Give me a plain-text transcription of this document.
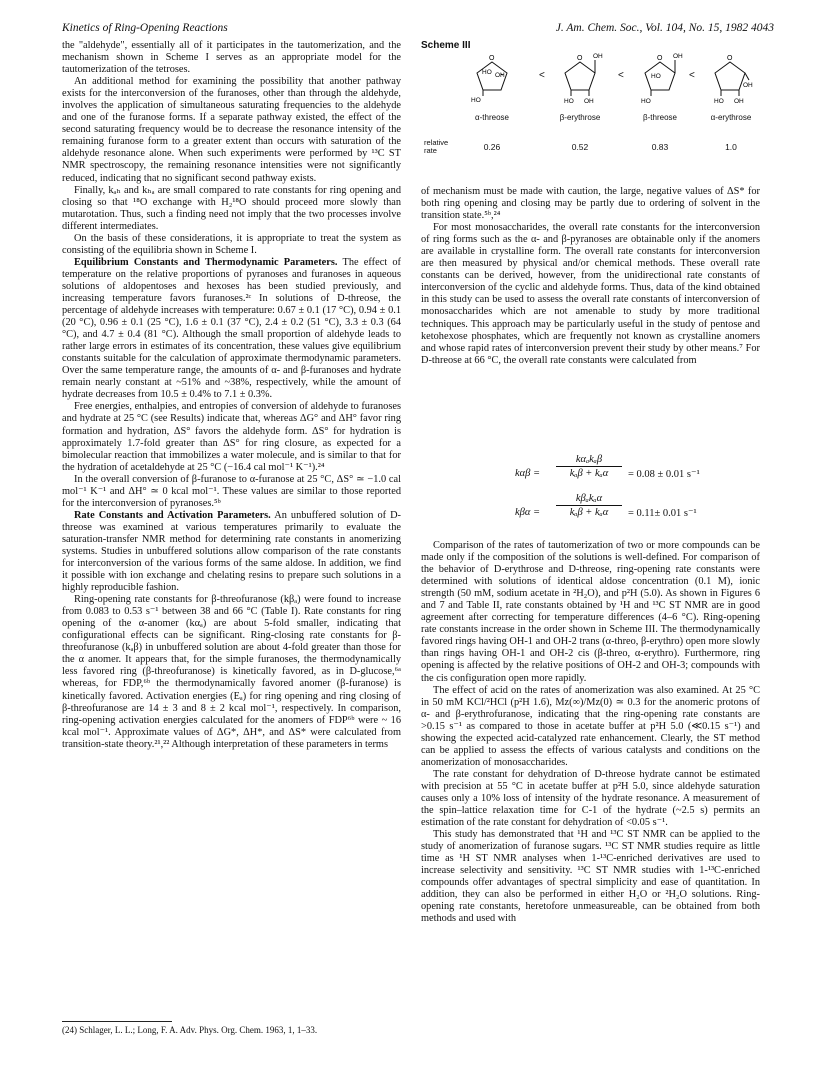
Kinetics of Ring-Opening Reactions	J. Am. Chem. Soc., Vol. 104, No. 15, 1982 4043

the "aldehyde", essentially all of it participates in the tautomerization, and the mechanism shown in Scheme I serves as an appropriate model for the tautomerization of the tetroses.

An additional method for examining the possibility that another pathway exists for the interconversion of the furanoses, other than through the aldehyde, involves the application of simultaneous saturating frequencies to the aldehyde and one of the furanose forms. If a separate pathway existed, the effect of the second saturating frequency would be to decrease the resonance intensity of the remaining furanose form to a greater extent than occurs with saturation of the aldehyde resonance alone. When such experiments were performed by ¹³C ST NMR spectroscopy, the remaining resonance intensities were not significantly reduced, indicating that no significant second pathway exists.

Finally, kₐₕ and kₕₐ are small compared to rate constants for ring opening and closing so that ¹⁸O exchange with H₂¹⁸O should proceed more slowly than mutarotation. Thus, such a finding need not imply that the two processes involve different intermediates.

On the basis of these considerations, it is appropriate to treat the system as consisting of the equilibria shown in Scheme I.

Equilibrium Constants and Thermodynamic Parameters. The effect of temperature on the relative proportions of pyranoses and furanoses in aqueous solutions of aldopentoses and hexoses has been studied previously, and increasing temperature favors furanoses.²ᶜ In solutions of D-threose, the percentage of aldehyde increases with temperature: 0.67 ± 0.1 (17 °C), 0.94 ± 0.1 (20 °C), 0.96 ± 0.1 (25 °C), 1.6 ± 0.1 (37 °C), 2.4 ± 0.2 (51 °C), 3.3 ± 0.3 (64 °C), and 4.7 ± 0.4 (81 °C). Although the small proportion of aldehyde leads to rather large errors in estimates of its concentration, these values give equilibrium constants suitable for the calculation of approximate thermodynamic parameters. Over the same temperature range, the amounts of α- and β-furanoses and hydrate remain nearly constant at ~51% and ~38%, respectively, while the amount of hydrate decreases from 10.5 ± 0.4% to 7.1 ± 0.3%.

Free energies, enthalpies, and entropies of conversion of aldehyde to furanoses and hydrate at 25 °C (see Results) indicate that, whereas ΔG° and ΔH° favor ring formation and hydration, ΔS° favors the aldehyde form. ΔS° for hydration is approximately 1.7-fold greater than ΔS° for ring closure, as expected for a bimolecular reaction that immobilizes a water molecule, and is similar to that for the hydration of acetaldehyde at 25 °C (−16.4 cal mol⁻¹ K⁻¹).²⁴

In the overall conversion of β-furanose to α-furanose at 25 °C, ΔS° ≃ −1.0 cal mol⁻¹ K⁻¹ and ΔH° ≃ 0 kcal mol⁻¹. These values are similar to those reported for the interconversion of pyranoses.⁵ᵇ

Rate Constants and Activation Parameters. An unbuffered solution of D-threose was examined at various temperatures primarily to evaluate the saturation-transfer NMR method for determining rate constants in anomerizing systems. Studies in unbuffered solutions allow comparison of the rate constants for interconversion of the various forms of the same aldose. In addition, we find it possible with ion exchange and chelating resins to prepare such solutions in a highly reproducible fashion.

Ring-opening rate constants for β-threofuranose (kβₐ) were found to increase from 0.083 to 0.53 s⁻¹ between 38 and 66 °C (Table I). Rate constants for ring opening of the α-anomer (kαₐ) are about 5-fold smaller, indicating that configurational effects can be significant. Ring-closing rate constants for β-threofuranose (kₐβ) in unbuffered solution are about 4-fold greater than those for the α anomer. It appears that, for the simple furanoses, the thermodynamically less favored ring (β-threofuranose) is kinetically favored, as in D-glucose,⁶ᵃ whereas, for FDP,⁶ᵇ the thermodynamically favored anomer (β-furanose) is kinetically favored. Activation energies (Eₐ) for ring opening and ring closing of β-threofuranose are 14 ± 3 and 8 ± 2 kcal mol⁻¹, respectively. In comparison, ring-opening activation energies calculated for the anomers of FDP⁶ᵇ were ~ 16 kcal mol⁻¹. Approximate values of ΔG*, ΔH*, and ΔS* were calculated from transition-state theory.²¹,²² Although interpretation of these parameters in terms

(24) Schlager, L. L.; Long, F. A. Adv. Phys. Org. Chem. 1963, 1, 1–33.
Scheme III
O
OH
HO
HO
<
O OH
HO OH
<
O OH
HO
HO
<
O
OH
HO OH
α-threose	β-erythrose	β-threose	α-erythrose
relative rate	0.26	0.52	0.83	1.0

of mechanism must be made with caution, the large, negative values of ΔS* for both ring opening and closing may be partly due to ordering of solvent in the transition state.⁵ᵇ,²⁴

For most monosaccharides, the overall rate constants for the interconversion of ring forms such as the α- and β-pyranoses are obtainable only if the anomers are available in crystalline form. The overall rate constants for interconversion are then measured by physical and/or chemical methods. These overall rate constants can be derived, however, from the unidirectional rate constants of interconversion of the cyclic and aldehyde forms. Thus, data of the kind obtained in this study can be used to assess the overall rate constants of interconversion of monosaccharides which are not amenable to study by more traditional techniques. This approach may be particularly useful in the study of pentose and ketohexose phosphates, which are frequently not known as crystalline anomers and whose rapid rates of interconversion prevent their study by other means.⁷ For D-threose at 66 °C, the overall rate constants were calculated from

kαβ =
kαₐkₐβ
kₐβ + kₐα	= 0.08 ± 0.01 s⁻¹
kβα =
kβₐkₐα
kₐβ + kₐα	= 0.11± 0.01 s⁻¹

Comparison of the rates of tautomerization of two or more compounds can be made only if the composition of the solutions is well-defined. For comparison of the behavior of D-erythrose and D-threose, ring-opening rate constants were determined with solutions of identical aldose concentration (0.1 M), ionic strength (50 mM, sodium acetate in ²H₂O), and p²H (5.0). As shown in Figures 6 and 7 and Table II, rate constants obtained by ¹H and ¹³C ST NMR are in good agreement after correcting for temperature differences (4–6 °C). Ring-opening rate constants increase in the order shown in Scheme III. The thermodynamically favored rings having OH-1 and OH-2 trans (α-threo, β-erythro) open more slowly than rings having OH-1 and OH-2 cis (β-threo, α-erythro). Furthermore, ring opening is affected by the relative positions of OH-2 and OH-3; compounds with the cis configuration open more rapidly.

The effect of acid on the rates of anomerization was also examined. At 25 °C in 50 mM KCl/²HCl (p²H 1.6), Mz(∞)/Mz(0) ≃ 0.3 for the anomeric protons of α- and β-erythrofuranose, indicating that the ring-opening rate constants are >0.15 s⁻¹ as compared to those in acetate buffer at p²H 5.0 (≪0.15 s⁻¹) and showing the expected acid-catalyzed rate enhancement. Clearly, the ST method can be applied to assess the effects of various catalysts and conditions on the anomerization of monosaccharides.

The rate constant for dehydration of D-threose hydrate cannot be estimated with precision at 55 °C in acetate buffer at p²H 5.0, since aldehyde saturation causes only a 10% loss of intensity of the hydrate resonance. A measurement of the spin–lattice relaxation time for C-1 of the hydrate (~2.5 s) permits an estimation of the rate constant for dehydration of <0.05 s⁻¹.

This study has demonstrated that ¹H and ¹³C ST NMR can be applied to the study of anomerization of furanose sugars. ¹³C ST NMR studies require as little time as ¹H ST NMR analyses when 1-¹³C-enriched derivatives are used to increase selectivity and sensitivity. ¹³C ST NMR studies with 1-¹³C-enriched compounds offer advantages of spectral simplicity and ease of quantitation. In addition, they can also be performed in either H₂O or ²H₂O solutions. Ring-opening rate constants, heretofore unmeasureable, can be obtained from both methods and used with
